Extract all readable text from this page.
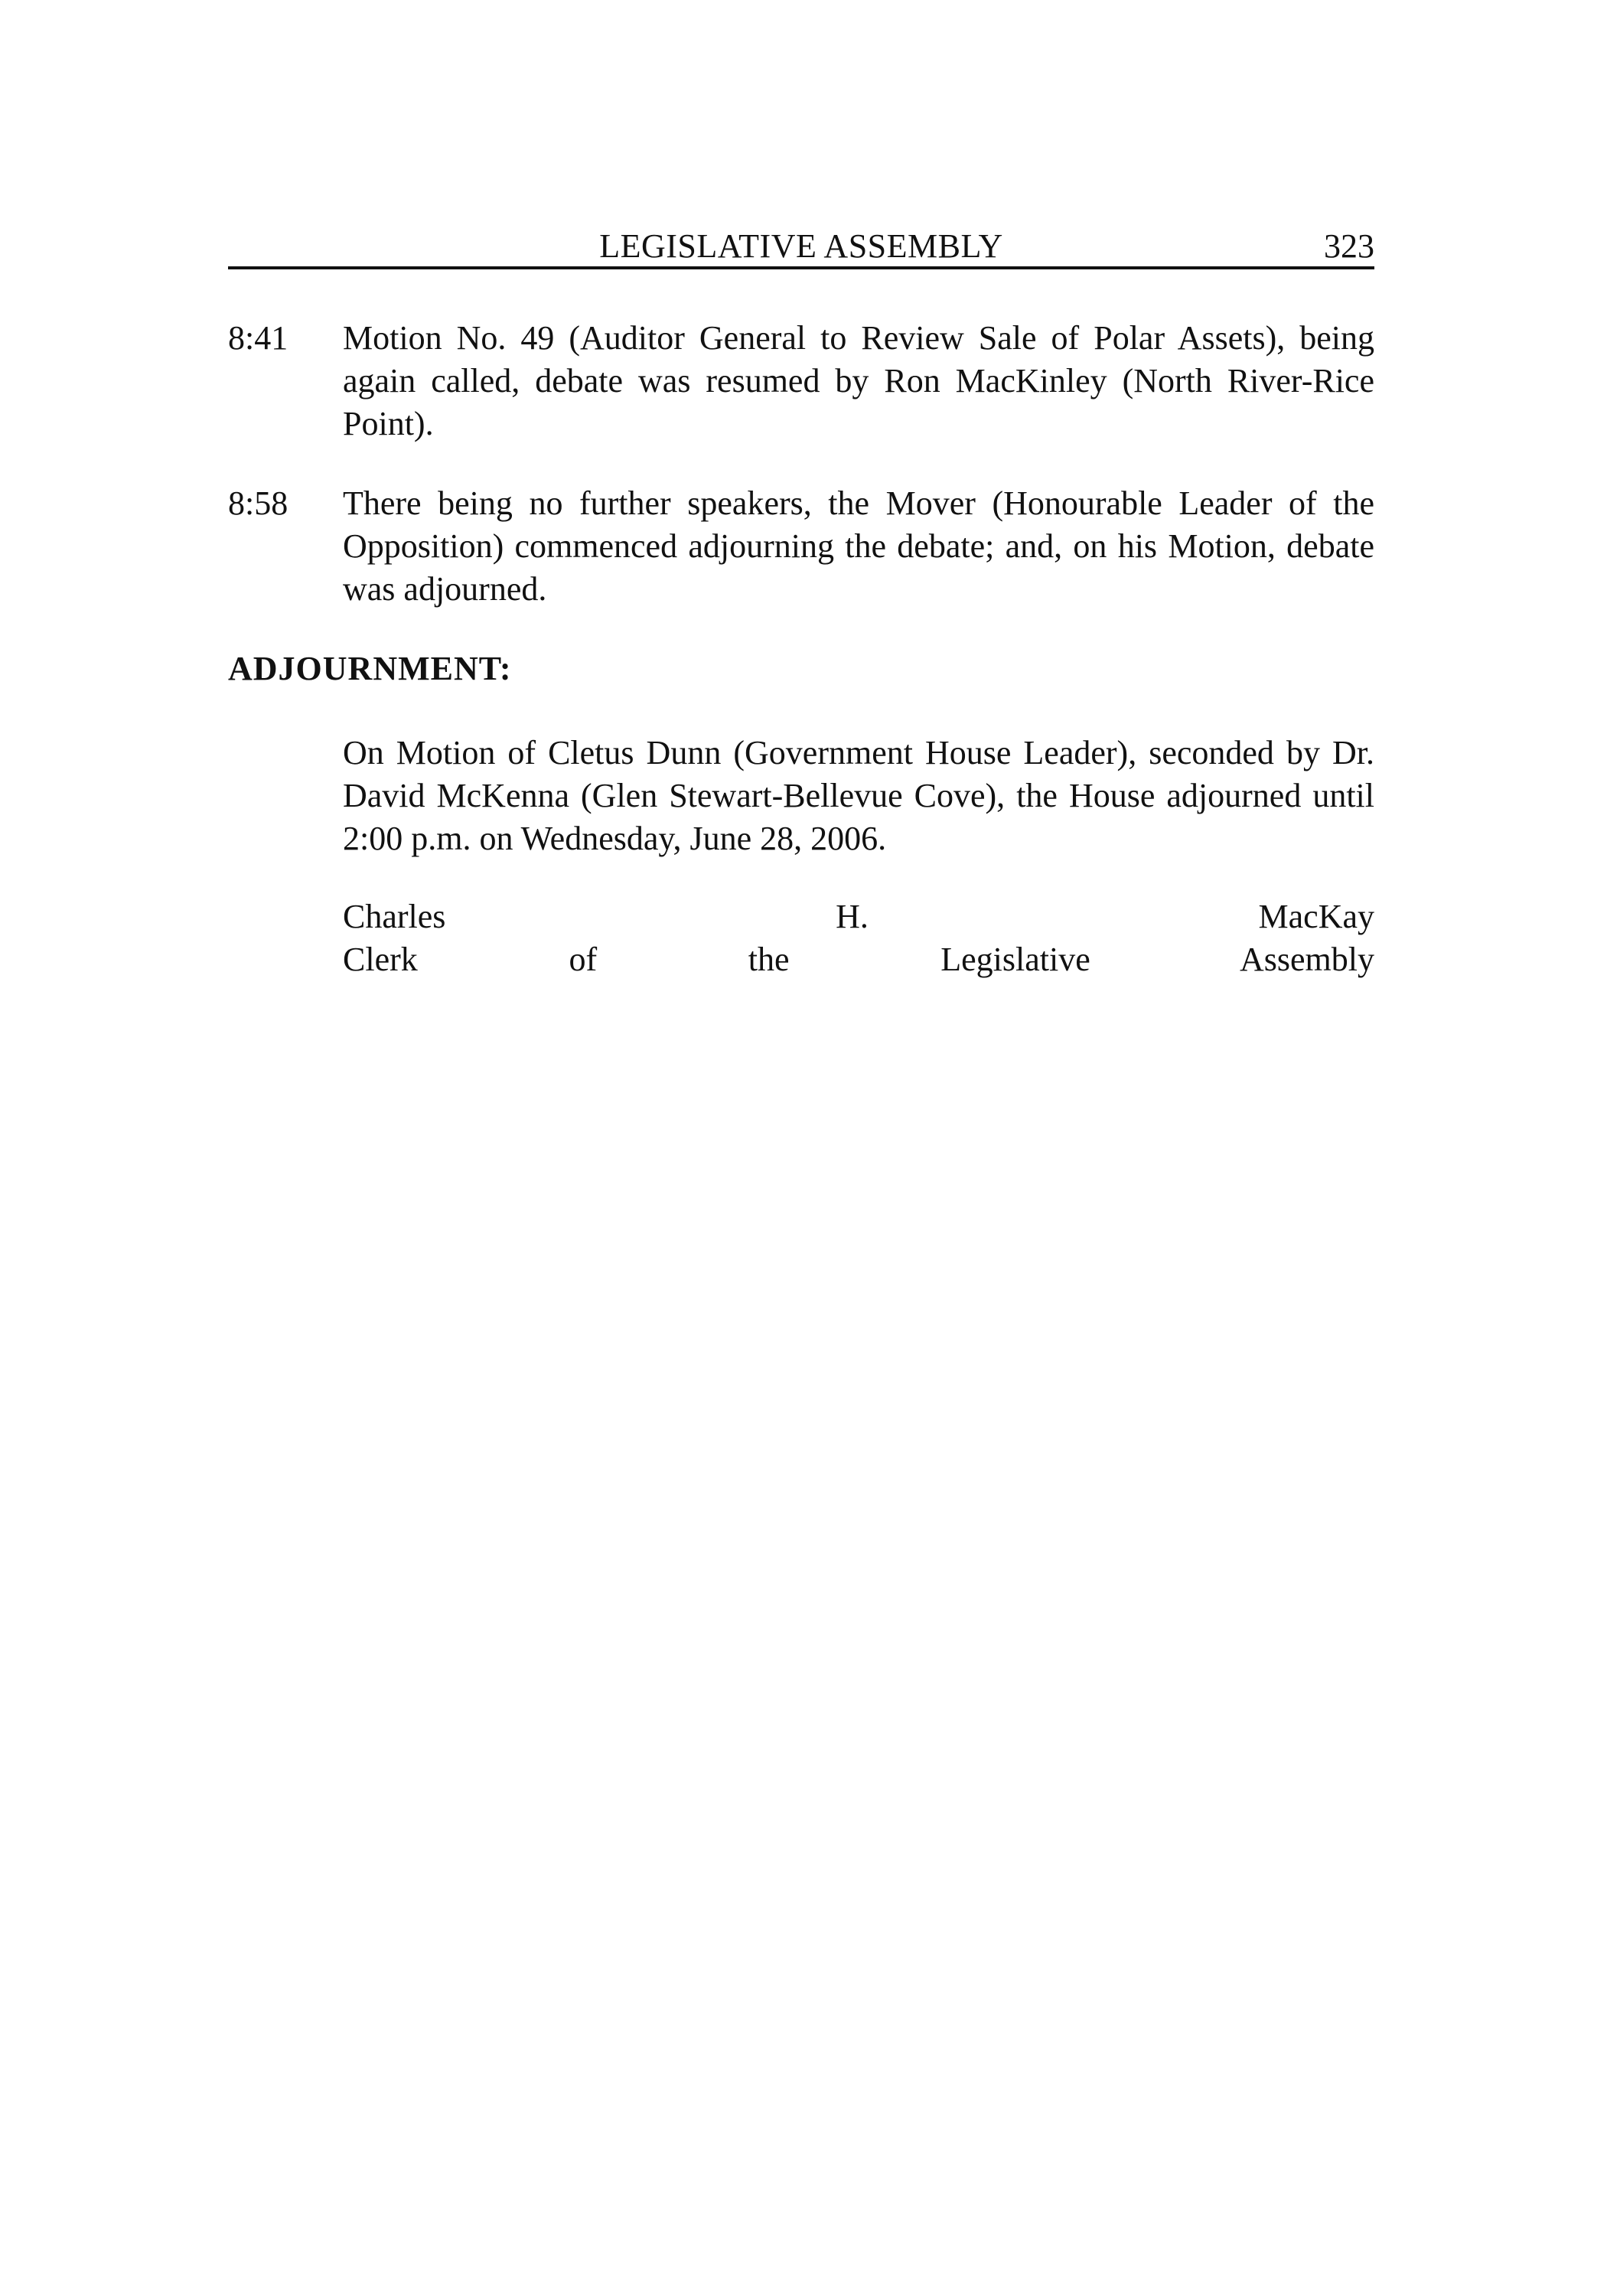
LEGISLATIVE ASSEMBLY	323
8:41 Motion No. 49 (Auditor General to Review Sale of Polar Assets), being
again called, debate was resumed by Ron MacKinley (North River-Rice
Point).

8:58 There being no further speakers, the Mover (Honourable Leader of the
Opposition) commenced adjourning the debate; and, on his Motion, debate
was adjourned.

ADJOURNMENT:
On Motion of Cletus Dunn (Government House Leader), seconded by Dr.
David McKenna (Glen Stewart-Bellevue Cove), the House adjourned until
2:00 p.m. on Wednesday, June 28, 2006.
Charles H. MacKay
Clerk of the Legislative Assembly
